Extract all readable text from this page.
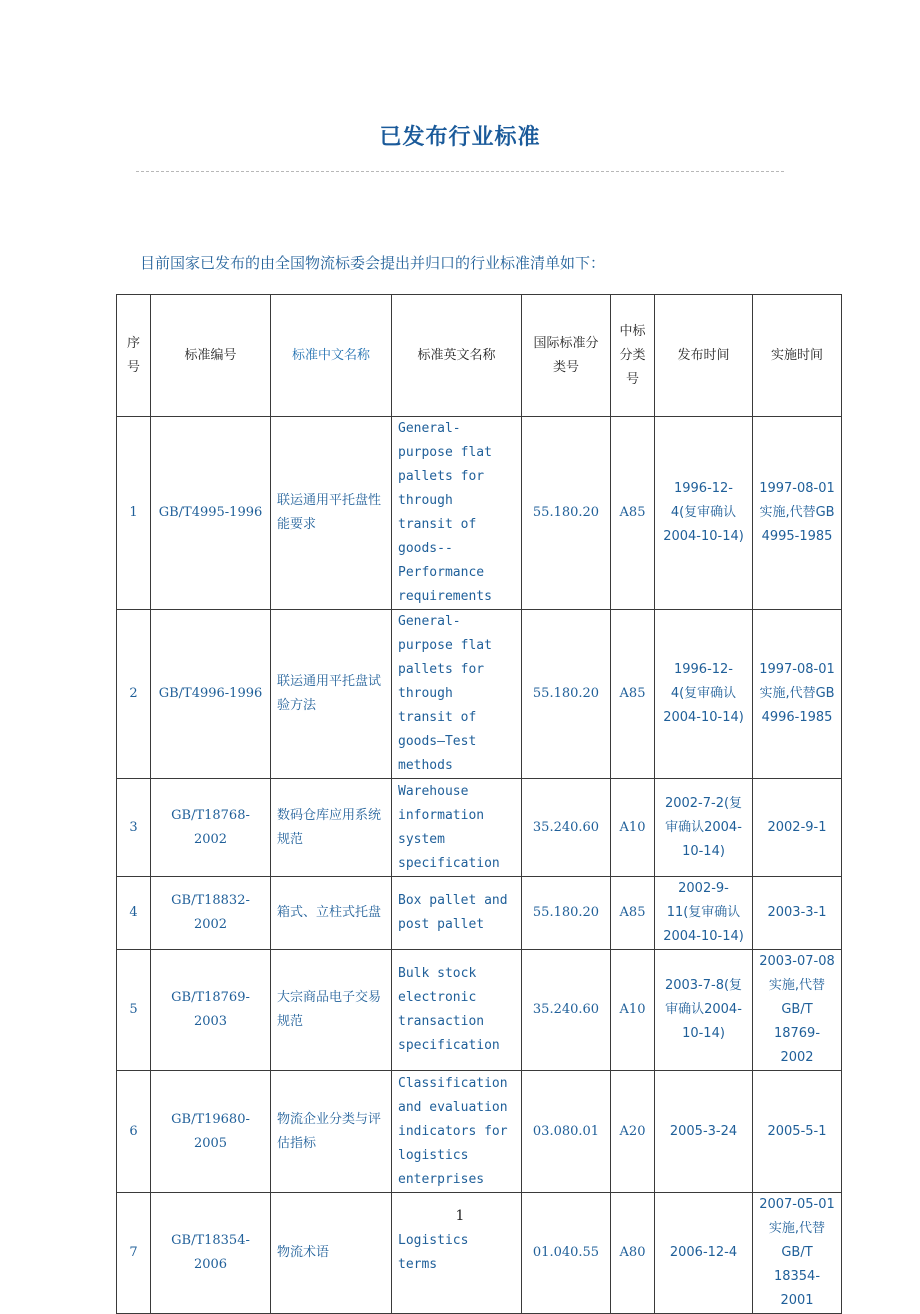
已发布行业标准
目前国家已发布的由全国物流标委会提出并归口的行业标准清单如下：
序号	标准编号	标准中文名称	标准英文名称	国际标准分类号	中标分类号	发布时间	实施时间
1	GB/T4995-1996	联运通用平托盘性能要求	General-purpose flat pallets for through transit of goods--Performance requirements	55.180.20	A85	1996-12-4(复审确认2004-10-14)	1997-08-01实施,代替GB 4995-1985
2	GB/T4996-1996	联运通用平托盘试验方法	General-purpose flat pallets for through transit of goods—Test methods	55.180.20	A85	1996-12-4(复审确认2004-10-14)	1997-08-01实施,代替GB 4996-1985
3	GB/T18768-2002	数码仓库应用系统规范	Warehouse information system specification	35.240.60	A10	2002-7-2(复审确认2004-10-14)	2002-9-1
4	GB/T18832-2002	箱式、立柱式托盘	Box pallet and post pallet	55.180.20	A85	2002-9-11(复审确认2004-10-14)	2003-3-1
5	GB/T18769-2003	大宗商品电子交易规范	Bulk stock electronic transaction specification	35.240.60	A10	2003-7-8(复审确认2004-10-14)	2003-07-08实施,代替GB/T 18769-2002
6	GB/T19680-2005	物流企业分类与评估指标	Classification and evaluation indicators for logistics enterprises	03.080.01	A20	2005-3-24	2005-5-1
7	GB/T18354-2006	物流术语	Logistics terms	01.040.55	A80	2006-12-4	2007-05-01实施,代替GB/T 18354-2001
1
